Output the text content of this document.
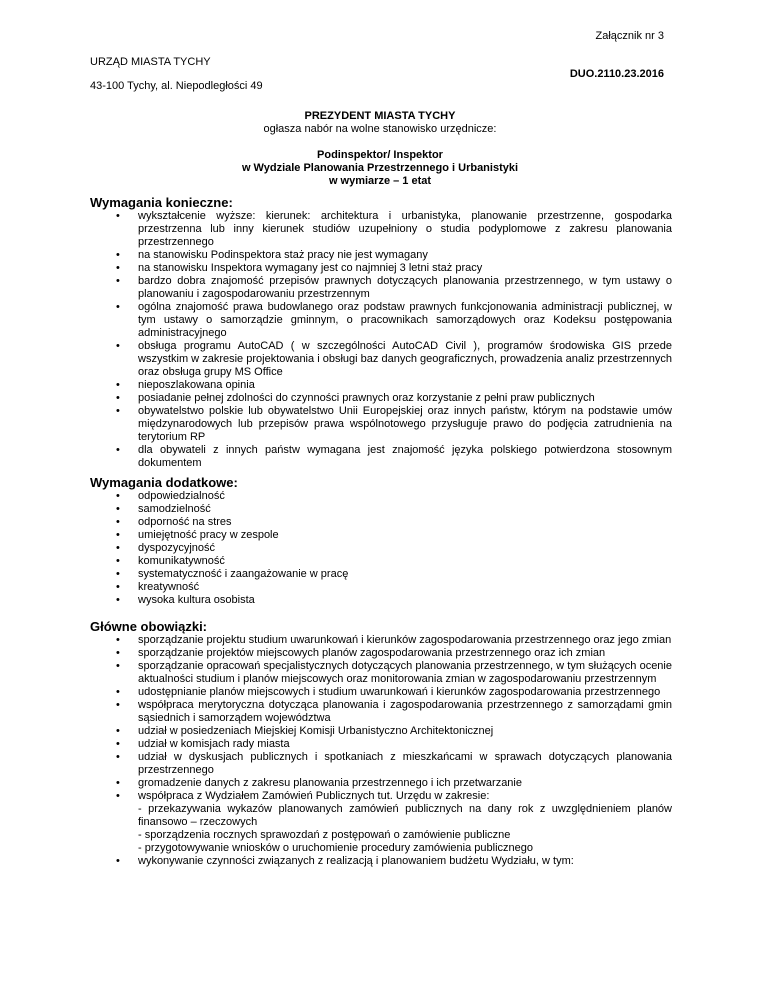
Załącznik nr 3
URZĄD MIASTA TYCHY
DUO.2110.23.2016
43-100 Tychy, al. Niepodległości 49
PREZYDENT MIASTA TYCHY
ogłasza nabór na wolne stanowisko urzędnicze:
Podinspektor/ Inspektor
w Wydziale Planowania Przestrzennego i Urbanistyki
w wymiarze – 1 etat
Wymagania konieczne:
• wykształcenie wyższe: kierunek: architektura i urbanistyka, planowanie przestrzenne, gospodarka przestrzenna lub inny kierunek studiów uzupełniony o studia podyplomowe z zakresu planowania przestrzennego
• na stanowisku Podinspektora staż pracy nie jest wymagany
• na stanowisku Inspektora wymagany jest co najmniej 3 letni staż pracy
• bardzo dobra znajomość przepisów prawnych dotyczących planowania przestrzennego, w tym ustawy o planowaniu i zagospodarowaniu przestrzennym
• ogólna znajomość prawa budowlanego oraz podstaw prawnych funkcjonowania administracji publicznej, w tym ustawy o samorządzie gminnym, o pracownikach samorządowych oraz Kodeksu postępowania administracyjnego
• obsługa programu AutoCAD ( w szczególności AutoCAD Civil ), programów środowiska GIS przede wszystkim w zakresie projektowania i obsługi baz danych geograficznych, prowadzenia analiz przestrzennych oraz obsługa grupy MS Office
• nieposzlakowana opinia
• posiadanie pełnej zdolności do czynności prawnych oraz korzystanie z pełni praw publicznych
• obywatelstwo polskie lub obywatelstwo Unii Europejskiej oraz innych państw, którym na podstawie umów międzynarodowych lub przepisów prawa wspólnotowego przysługuje prawo do podjęcia zatrudnienia na terytorium RP
• dla obywateli z innych państw wymagana jest znajomość języka polskiego potwierdzona stosownym dokumentem
Wymagania dodatkowe:
• odpowiedzialność
• samodzielność
• odporność na stres
• umiejętność pracy w zespole
• dyspozycyjność
• komunikatywność
• systematyczność i zaangażowanie w pracę
• kreatywność
• wysoka kultura osobista
Główne obowiązki:
• sporządzanie projektu studium uwarunkowań i kierunków zagospodarowania przestrzennego oraz jego zmian
• sporządzanie projektów miejscowych planów zagospodarowania przestrzennego oraz ich zmian
• sporządzanie opracowań specjalistycznych dotyczących planowania przestrzennego, w tym służących ocenie aktualności studium i planów miejscowych oraz monitorowania zmian w zagospodarowaniu przestrzennym
• udostępnianie planów miejscowych i studium uwarunkowań i kierunków zagospodarowania przestrzennego
• współpraca merytoryczna dotycząca planowania i zagospodarowania przestrzennego z samorządami gmin sąsiednich i samorządem województwa
• udział w posiedzeniach Miejskiej Komisji Urbanistyczno Architektonicznej
• udział w komisjach rady miasta
• udział w dyskusjach publicznych i spotkaniach z mieszkańcami w sprawach dotyczących planowania przestrzennego
• gromadzenie danych z zakresu planowania przestrzennego i ich przetwarzanie
• współpraca z Wydziałem Zamówień Publicznych tut. Urzędu w zakresie:
- przekazywania wykazów planowanych zamówień publicznych na dany rok z uwzględnieniem planów finansowo – rzeczowych
- sporządzenia rocznych sprawozdań z postępowań o zamówienie publiczne
- przygotowywanie wniosków o uruchomienie procedury zamówienia publicznego
• wykonywanie czynności związanych z realizacją i planowaniem budżetu Wydziału, w tym:
